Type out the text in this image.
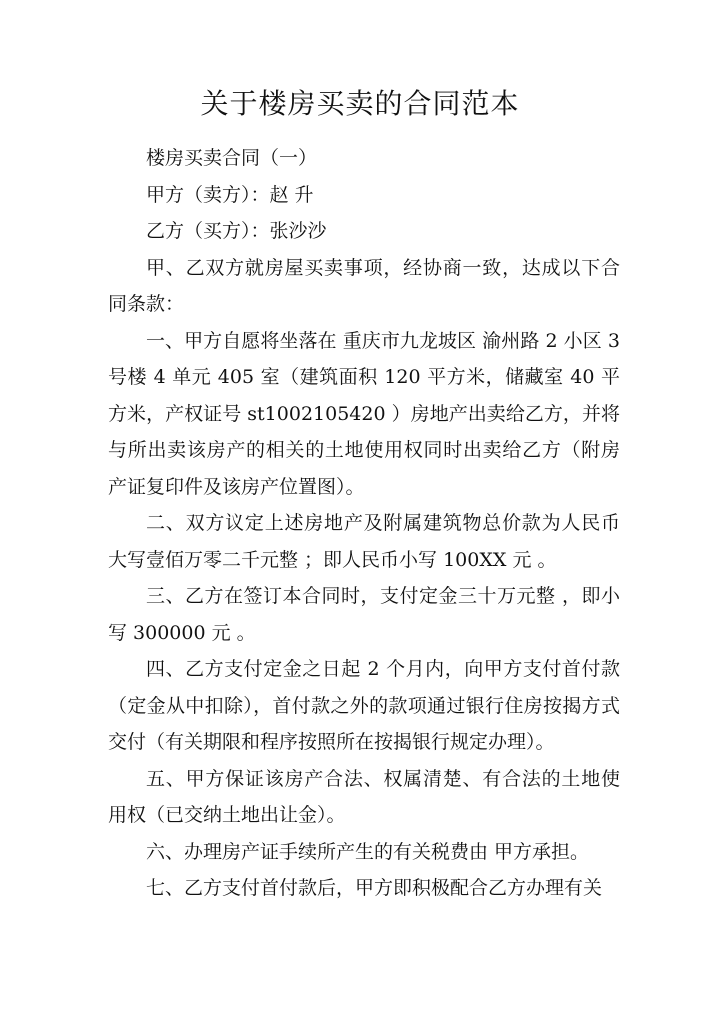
关于楼房买卖的合同范本

楼房买卖合同（一）

甲方（卖方）：赵 升

乙方（买方）：张沙沙

甲、乙双方就房屋买卖事项，经协商一致，达成以下合同条款：

一、甲方自愿将坐落在 重庆市九龙坡区 渝州路 2 小区 3 号楼 4 单元 405 室（建筑面积 120 平方米，储藏室 40 平方米，产权证号 st1002105420 ）房地产出卖给乙方，并将与所出卖该房产的相关的土地使用权同时出卖给乙方（附房产证复印件及该房产位置图）。

二、双方议定上述房地产及附属建筑物总价款为人民币大写壹佰万零二千元整 ；即人民币小写 100XX 元 。

三、乙方在签订本合同时，支付定金三十万元整 ，即小写 300000 元 。

四、乙方支付定金之日起 2 个月内，向甲方支付首付款（定金从中扣除），首付款之外的款项通过银行住房按揭方式交付（有关期限和程序按照所在按揭银行规定办理）。

五、甲方保证该房产合法、权属清楚、有合法的土地使用权（已交纳土地出让金）。

六、办理房产证手续所产生的有关税费由 甲方承担。

七、乙方支付首付款后，甲方即积极配合乙方办理有关
